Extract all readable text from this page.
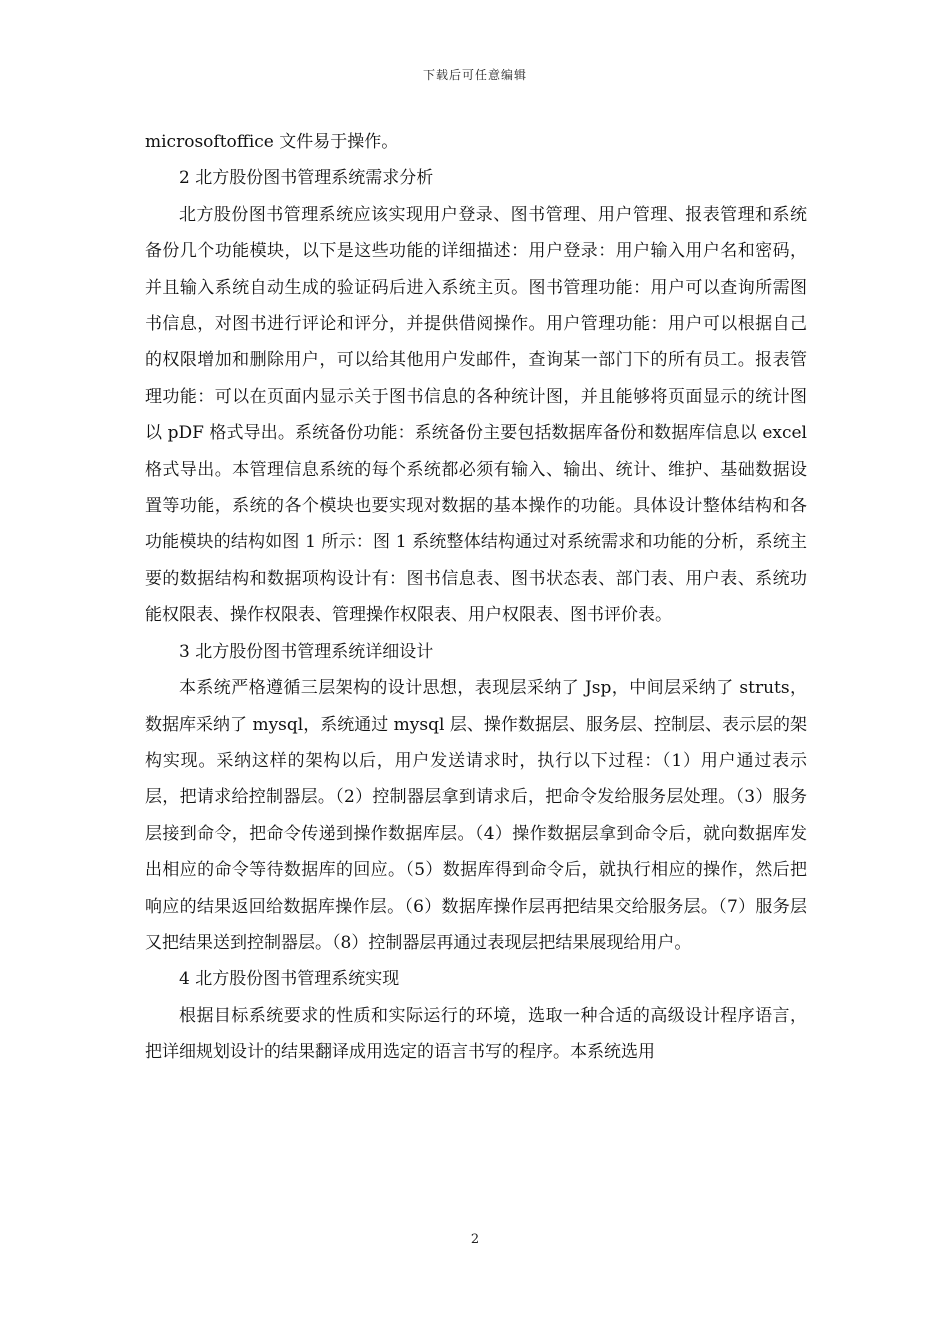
下载后可任意编辑

microsoftoffice 文件易于操作。

2 北方股份图书管理系统需求分析

北方股份图书管理系统应该实现用户登录、图书管理、用户管理、报表管理和系统备份几个功能模块，以下是这些功能的详细描述：用户登录：用户输入用户名和密码，并且输入系统自动生成的验证码后进入系统主页。图书管理功能：用户可以查询所需图书信息，对图书进行评论和评分，并提供借阅操作。用户管理功能：用户可以根据自己的权限增加和删除用户，可以给其他用户发邮件，查询某一部门下的所有员工。报表管理功能：可以在页面内显示关于图书信息的各种统计图，并且能够将页面显示的统计图以 pDF 格式导出。系统备份功能：系统备份主要包括数据库备份和数据库信息以 excel 格式导出。本管理信息系统的每个系统都必须有输入、输出、统计、维护、基础数据设置等功能，系统的各个模块也要实现对数据的基本操作的功能。具体设计整体结构和各功能模块的结构如图 1 所示：图 1 系统整体结构通过对系统需求和功能的分析，系统主要的数据结构和数据项构设计有：图书信息表、图书状态表、部门表、用户表、系统功能权限表、操作权限表、管理操作权限表、用户权限表、图书评价表。

3 北方股份图书管理系统详细设计

本系统严格遵循三层架构的设计思想，表现层采纳了 Jsp，中间层采纳了 struts，数据库采纳了 mysql，系统通过 mysql 层、操作数据层、服务层、控制层、表示层的架构实现。采纳这样的架构以后，用户发送请求时，执行以下过程：（1）用户通过表示层，把请求给控制器层。（2）控制器层拿到请求后，把命令发给服务层处理。（3）服务层接到命令，把命令传递到操作数据库层。（4）操作数据层拿到命令后，就向数据库发出相应的命令等待数据库的回应。（5）数据库得到命令后，就执行相应的操作，然后把响应的结果返回给数据库操作层。（6）数据库操作层再把结果交给服务层。（7）服务层又把结果送到控制器层。（8）控制器层再通过表现层把结果展现给用户。

4 北方股份图书管理系统实现

根据目标系统要求的性质和实际运行的环境，选取一种合适的高级设计程序语言，把详细规划设计的结果翻译成用选定的语言书写的程序。本系统选用

2
